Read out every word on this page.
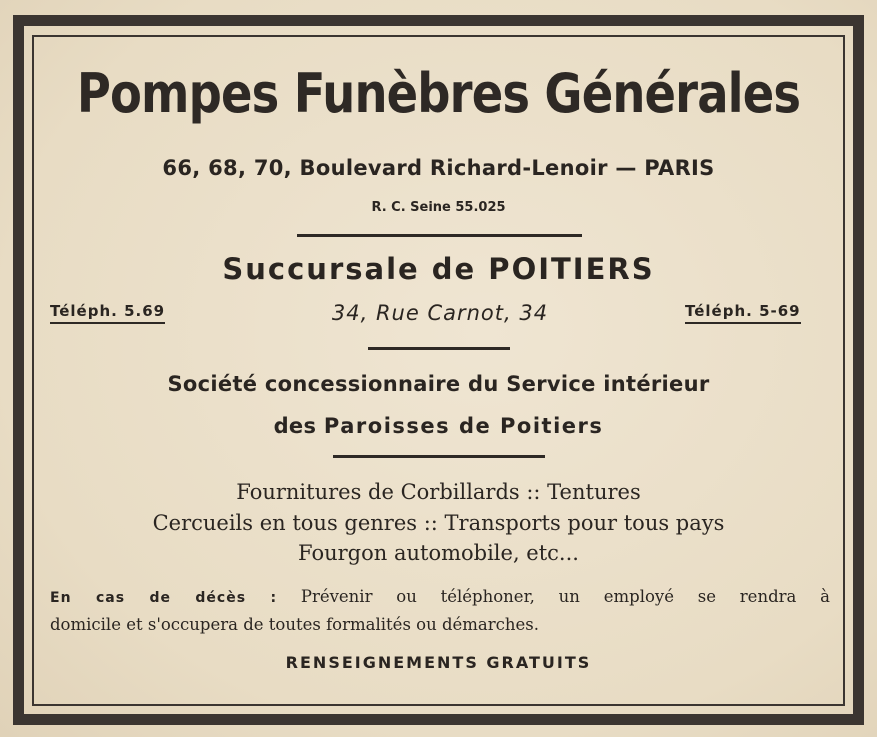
Pompes Funèbres Générales
66, 68, 70, Boulevard Richard-Lenoir — PARIS
R. C. Seine 55.025
Succursale de POITIERS
Téléph. 5.69	34, Rue Carnot, 34	Téléph. 5-69
Société concessionnaire du Service intérieur
des Paroisses de Poitiers
Fournitures de Corbillards :: Tentures
Cercueils en tous genres :: Transports pour tous pays
Fourgon automobile, etc...
En cas de décès : Prévenir ou téléphoner, un employé se rendra à
domicile et s'occupera de toutes formalités ou démarches.
RENSEIGNEMENTS GRATUITS
